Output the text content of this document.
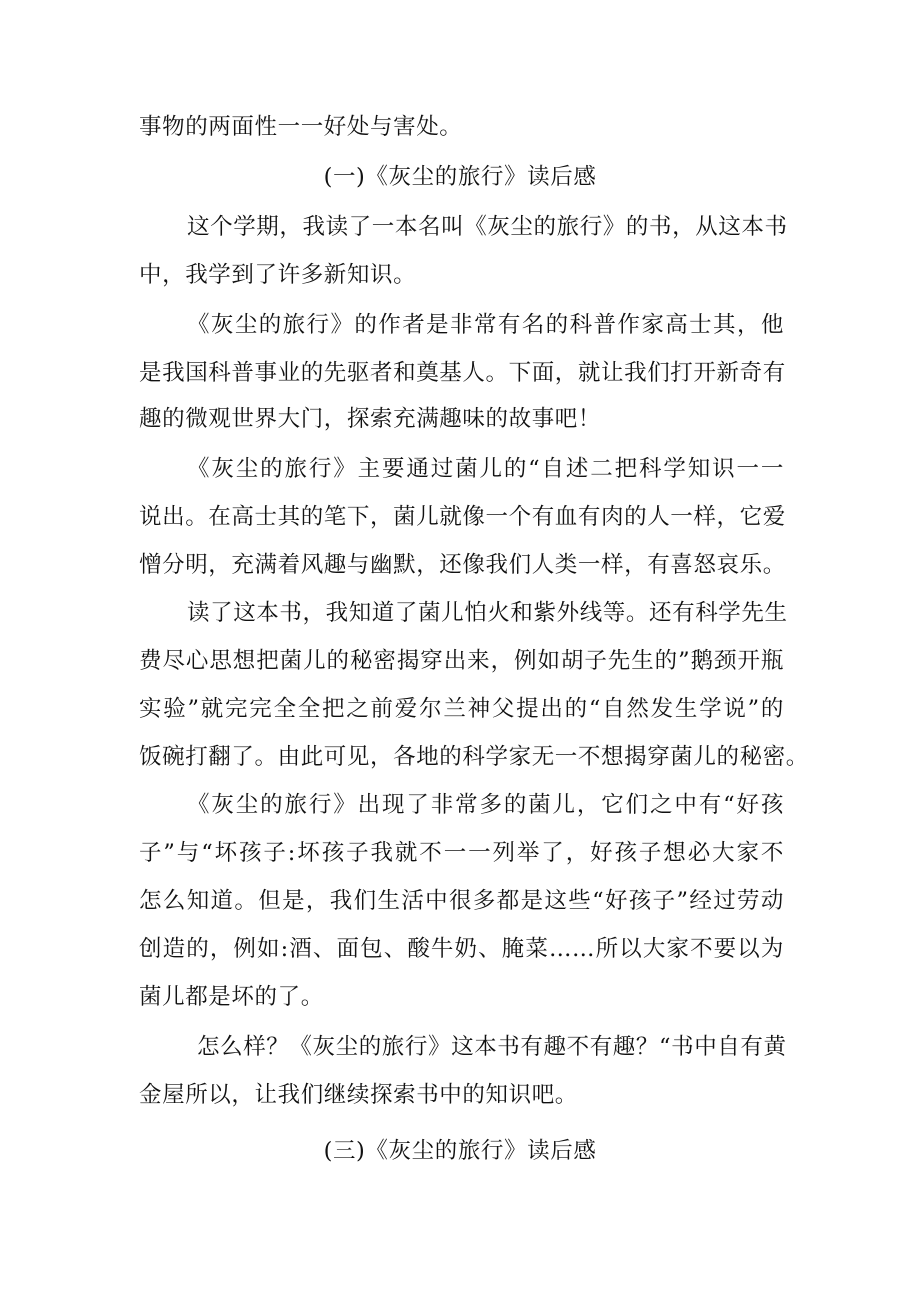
事物的两面性一一好处与害处。
(一)《灰尘的旅行》读后感
这个学期，我读了一本名叫《灰尘的旅行》的书，从这本书
中，我学到了许多新知识。
《灰尘的旅行》的作者是非常有名的科普作家高士其，他
是我国科普事业的先驱者和奠基人。下面，就让我们打开新奇有
趣的微观世界大门，探索充满趣味的故事吧！
《灰尘的旅行》主要通过菌儿的“自述二把科学知识一一
说出。在高士其的笔下，菌儿就像一个有血有肉的人一样，它爱
憎分明，充满着风趣与幽默，还像我们人类一样，有喜怒哀乐。
读了这本书，我知道了菌儿怕火和紫外线等。还有科学先生
费尽心思想把菌儿的秘密揭穿出来，例如胡子先生的”鹅颈开瓶
实验”就完完全全把之前爱尔兰神父提出的“自然发生学说”的
饭碗打翻了。由此可见，各地的科学家无一不想揭穿菌儿的秘密。
《灰尘的旅行》出现了非常多的菌儿，它们之中有“好孩
子”与“坏孩子:坏孩子我就不一一列举了，好孩子想必大家不
怎么知道。但是，我们生活中很多都是这些“好孩子”经过劳动
创造的，例如:酒、面包、酸牛奶、腌菜……所以大家不要以为
菌儿都是坏的了。
怎么样？《灰尘的旅行》这本书有趣不有趣？“书中自有黄
金屋所以，让我们继续探索书中的知识吧。
(三)《灰尘的旅行》读后感
